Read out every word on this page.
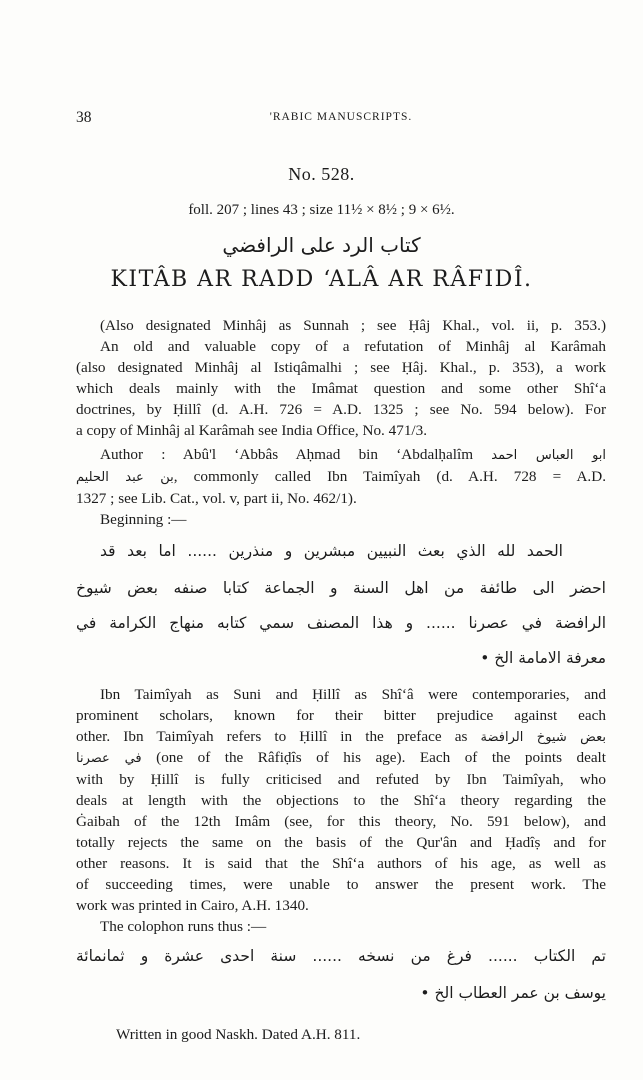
38	'RABIC MANUSCRIPTS.
No. 528.
foll. 207 ; lines 43 ; size 11½ × 8½ ; 9 × 6½.
كتاب الرد على الرافضي
KITÂB AR RADD ‘ALÂ AR RÂFIDÎ.
(Also designated Minhâj as Sunnah ; see Ḥâj Khal., vol. ii, p. 353.)
An old and valuable copy of a refutation of Minhâj al Karâmah
(also designated Minhâj al Istiqâmalhi ; see Ḥâj. Khal., p. 353), a work
which deals mainly with the Imâmat question and some other Shî‘a
doctrines, by Ḥillî (d. A.H. 726 = A.D. 1325 ; see No. 594 below). For
a copy of Minhâj al Karâmah see India Office, No. 471/3.
Author : Abû'l ‘Abbâs Aḥmad bin ‘Abdalḥalîm ابو العباس احمد
بن عبد الحليم, commonly called Ibn Taimîyah (d. A.H. 728 = A.D.
1327 ; see Lib. Cat., vol. v, part ii, No. 462/1).
Beginning :—
الحمد لله الذي بعث النبيين مبشرين و منذرين ...... اما بعد قد
احضر الى طائفة من اهل السنة و الجماعة كتابا صنفه بعض شيوخ
الرافضة في عصرنا ...... و هذا المصنف سمي كتابه منهاج الكرامة في
معرفة الامامة الخ •
Ibn Taimîyah as Suni and Ḥillî as Shî‘â were contemporaries, and
prominent scholars, known for their bitter prejudice against each
other. Ibn Taimîyah refers to Ḥillî in the preface as بعض شيوخ الرافضة
في عصرنا (one of the Râfiḍîs of his age). Each of the points dealt
with by Ḥillî is fully criticised and refuted by Ibn Taimîyah, who
deals at length with the objections to the Shî‘a theory regarding the
Ġaibah of the 12th Imâm (see, for this theory, No. 591 below), and
totally rejects the same on the basis of the Qur'ân and Ḥadîṣ and for
other reasons. It is said that the Shî‘a authors of his age, as well as
of succeeding times, were unable to answer the present work. The
work was printed in Cairo, A.H. 1340.
The colophon runs thus :—
تم الكتاب ...... فرغ من نسخه ...... سنة احدى عشرة و ثمانمائة
يوسف بن عمر العطاب الخ •
Written in good Naskh. Dated A.H. 811.
